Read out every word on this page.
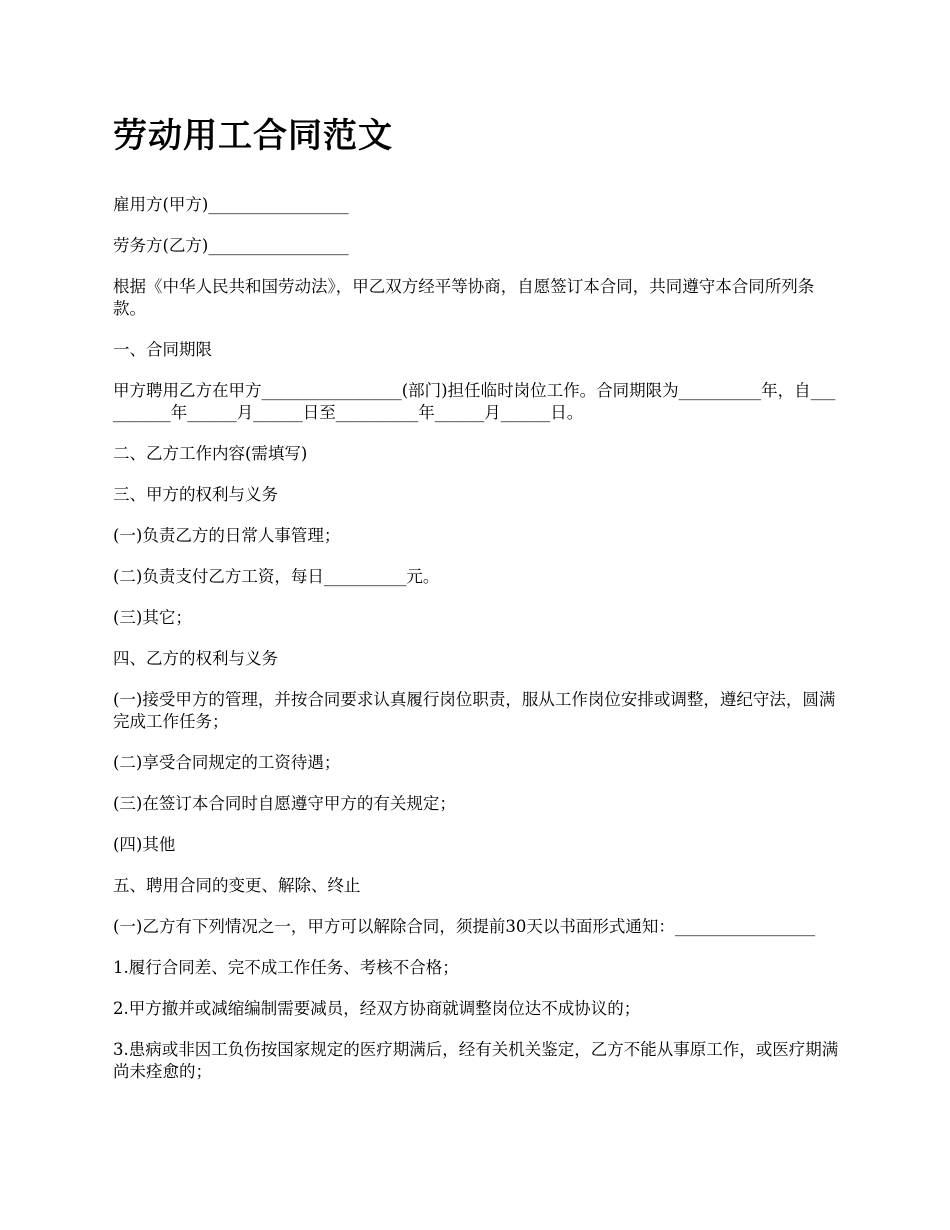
劳动用工合同范文

雇用方(甲方)_________________

劳务方(乙方)_________________

根据《中华人民共和国劳动法》，甲乙双方经平等协商，自愿签订本合同，共同遵守本合同所列条款。

一、合同期限

甲方聘用乙方在甲方_________________(部门)担任临时岗位工作。合同期限为__________年，自__________年______月______日至__________年______月______日。

二、乙方工作内容(需填写)

三、甲方的权利与义务

(一)负责乙方的日常人事管理；

(二)负责支付乙方工资，每日__________元。

(三)其它；

四、乙方的权利与义务

(一)接受甲方的管理，并按合同要求认真履行岗位职责，服从工作岗位安排或调整，遵纪守法，圆满完成工作任务；

(二)享受合同规定的工资待遇；

(三)在签订本合同时自愿遵守甲方的有关规定；

(四)其他

五、聘用合同的变更、解除、终止

(一)乙方有下列情况之一，甲方可以解除合同，须提前30天以书面形式通知：_________________

1.履行合同差、完不成工作任务、考核不合格；

2.甲方撤并或减缩编制需要减员，经双方协商就调整岗位达不成协议的；

3.患病或非因工负伤按国家规定的医疗期满后，经有关机关鉴定，乙方不能从事原工作，或医疗期满尚未痊愈的；
